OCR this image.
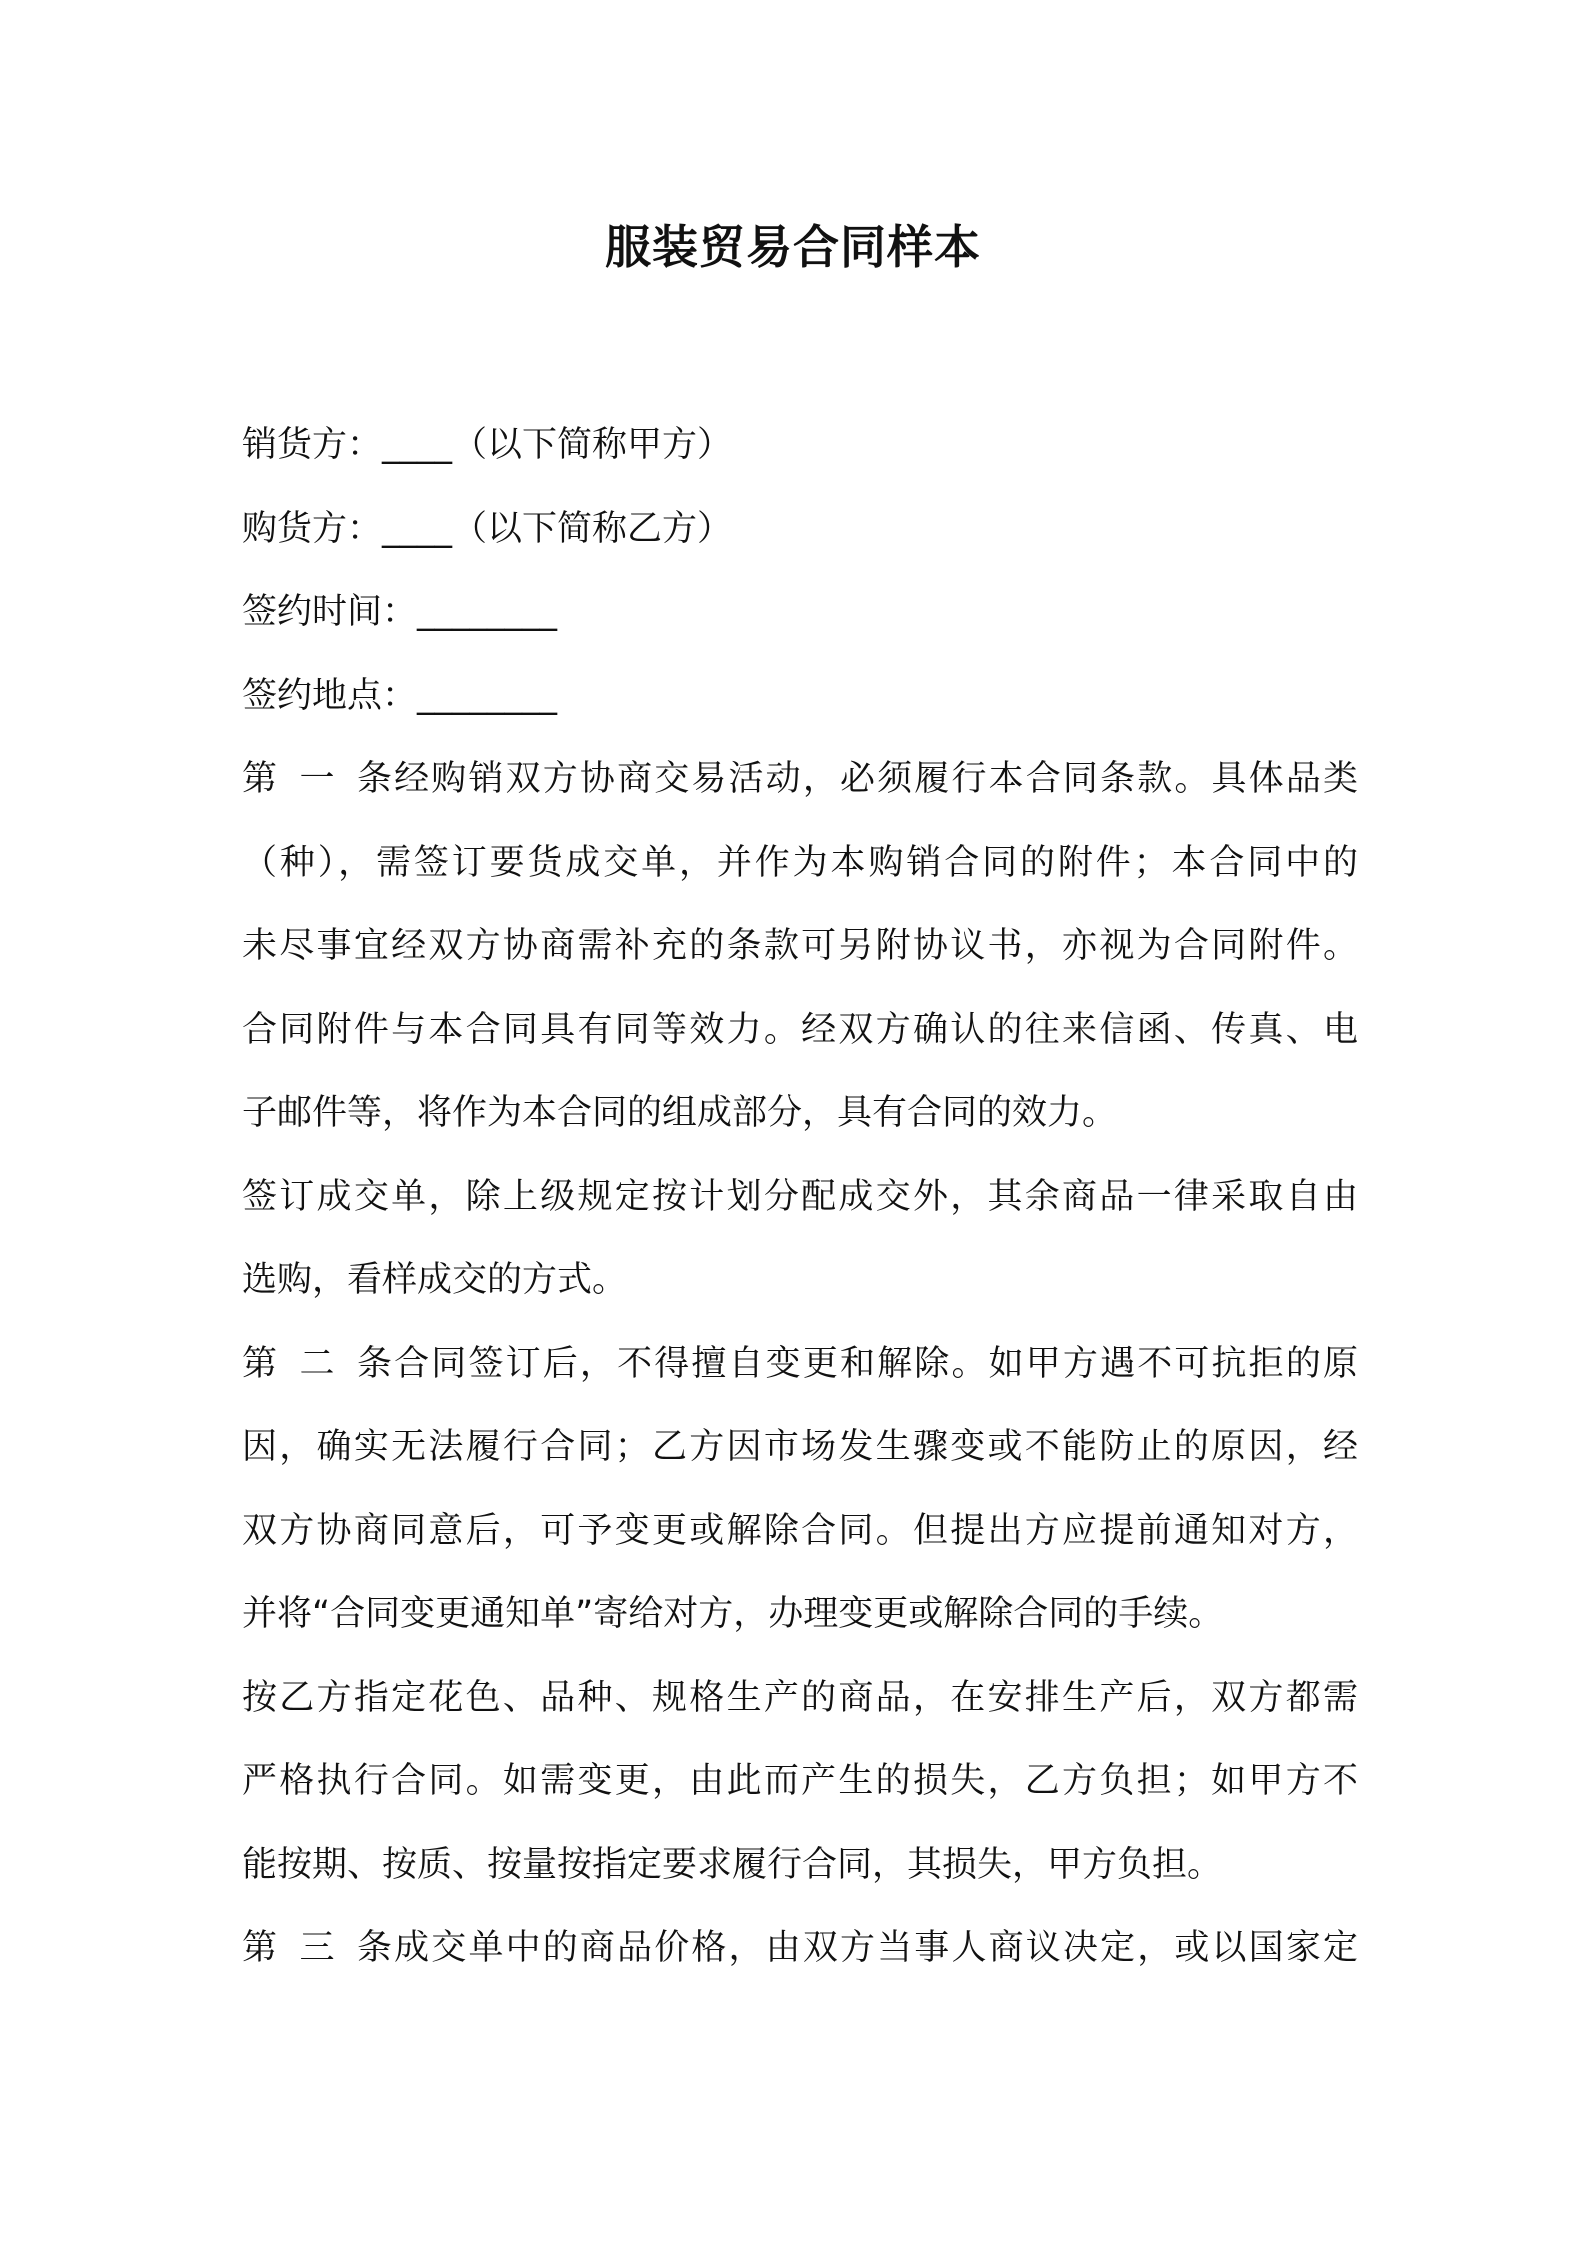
服装贸易合同样本
销货方：____（以下简称甲方）
购货方：____（以下简称乙方）
签约时间：________
签约地点：________
第一条经购销双方协商交易活动，必须履行本合同条款。具体品类
（种），需签订要货成交单，并作为本购销合同的附件；本合同中的
未尽事宜经双方协商需补充的条款可另附协议书，亦视为合同附件。
合同附件与本合同具有同等效力。经双方确认的往来信函、传真、电
子邮件等，将作为本合同的组成部分，具有合同的效力。
签订成交单，除上级规定按计划分配成交外，其余商品一律采取自由
选购，看样成交的方式。
第二条合同签订后，不得擅自变更和解除。如甲方遇不可抗拒的原
因，确实无法履行合同；乙方因市场发生骤变或不能防止的原因，经
双方协商同意后，可予变更或解除合同。但提出方应提前通知对方，
并将“合同变更通知单”寄给对方，办理变更或解除合同的手续。
按乙方指定花色、品种、规格生产的商品，在安排生产后，双方都需
严格执行合同。如需变更，由此而产生的损失，乙方负担；如甲方不
能按期、按质、按量按指定要求履行合同，其损失，甲方负担。
第三条成交单中的商品价格，由双方当事人商议决定，或以国家定
